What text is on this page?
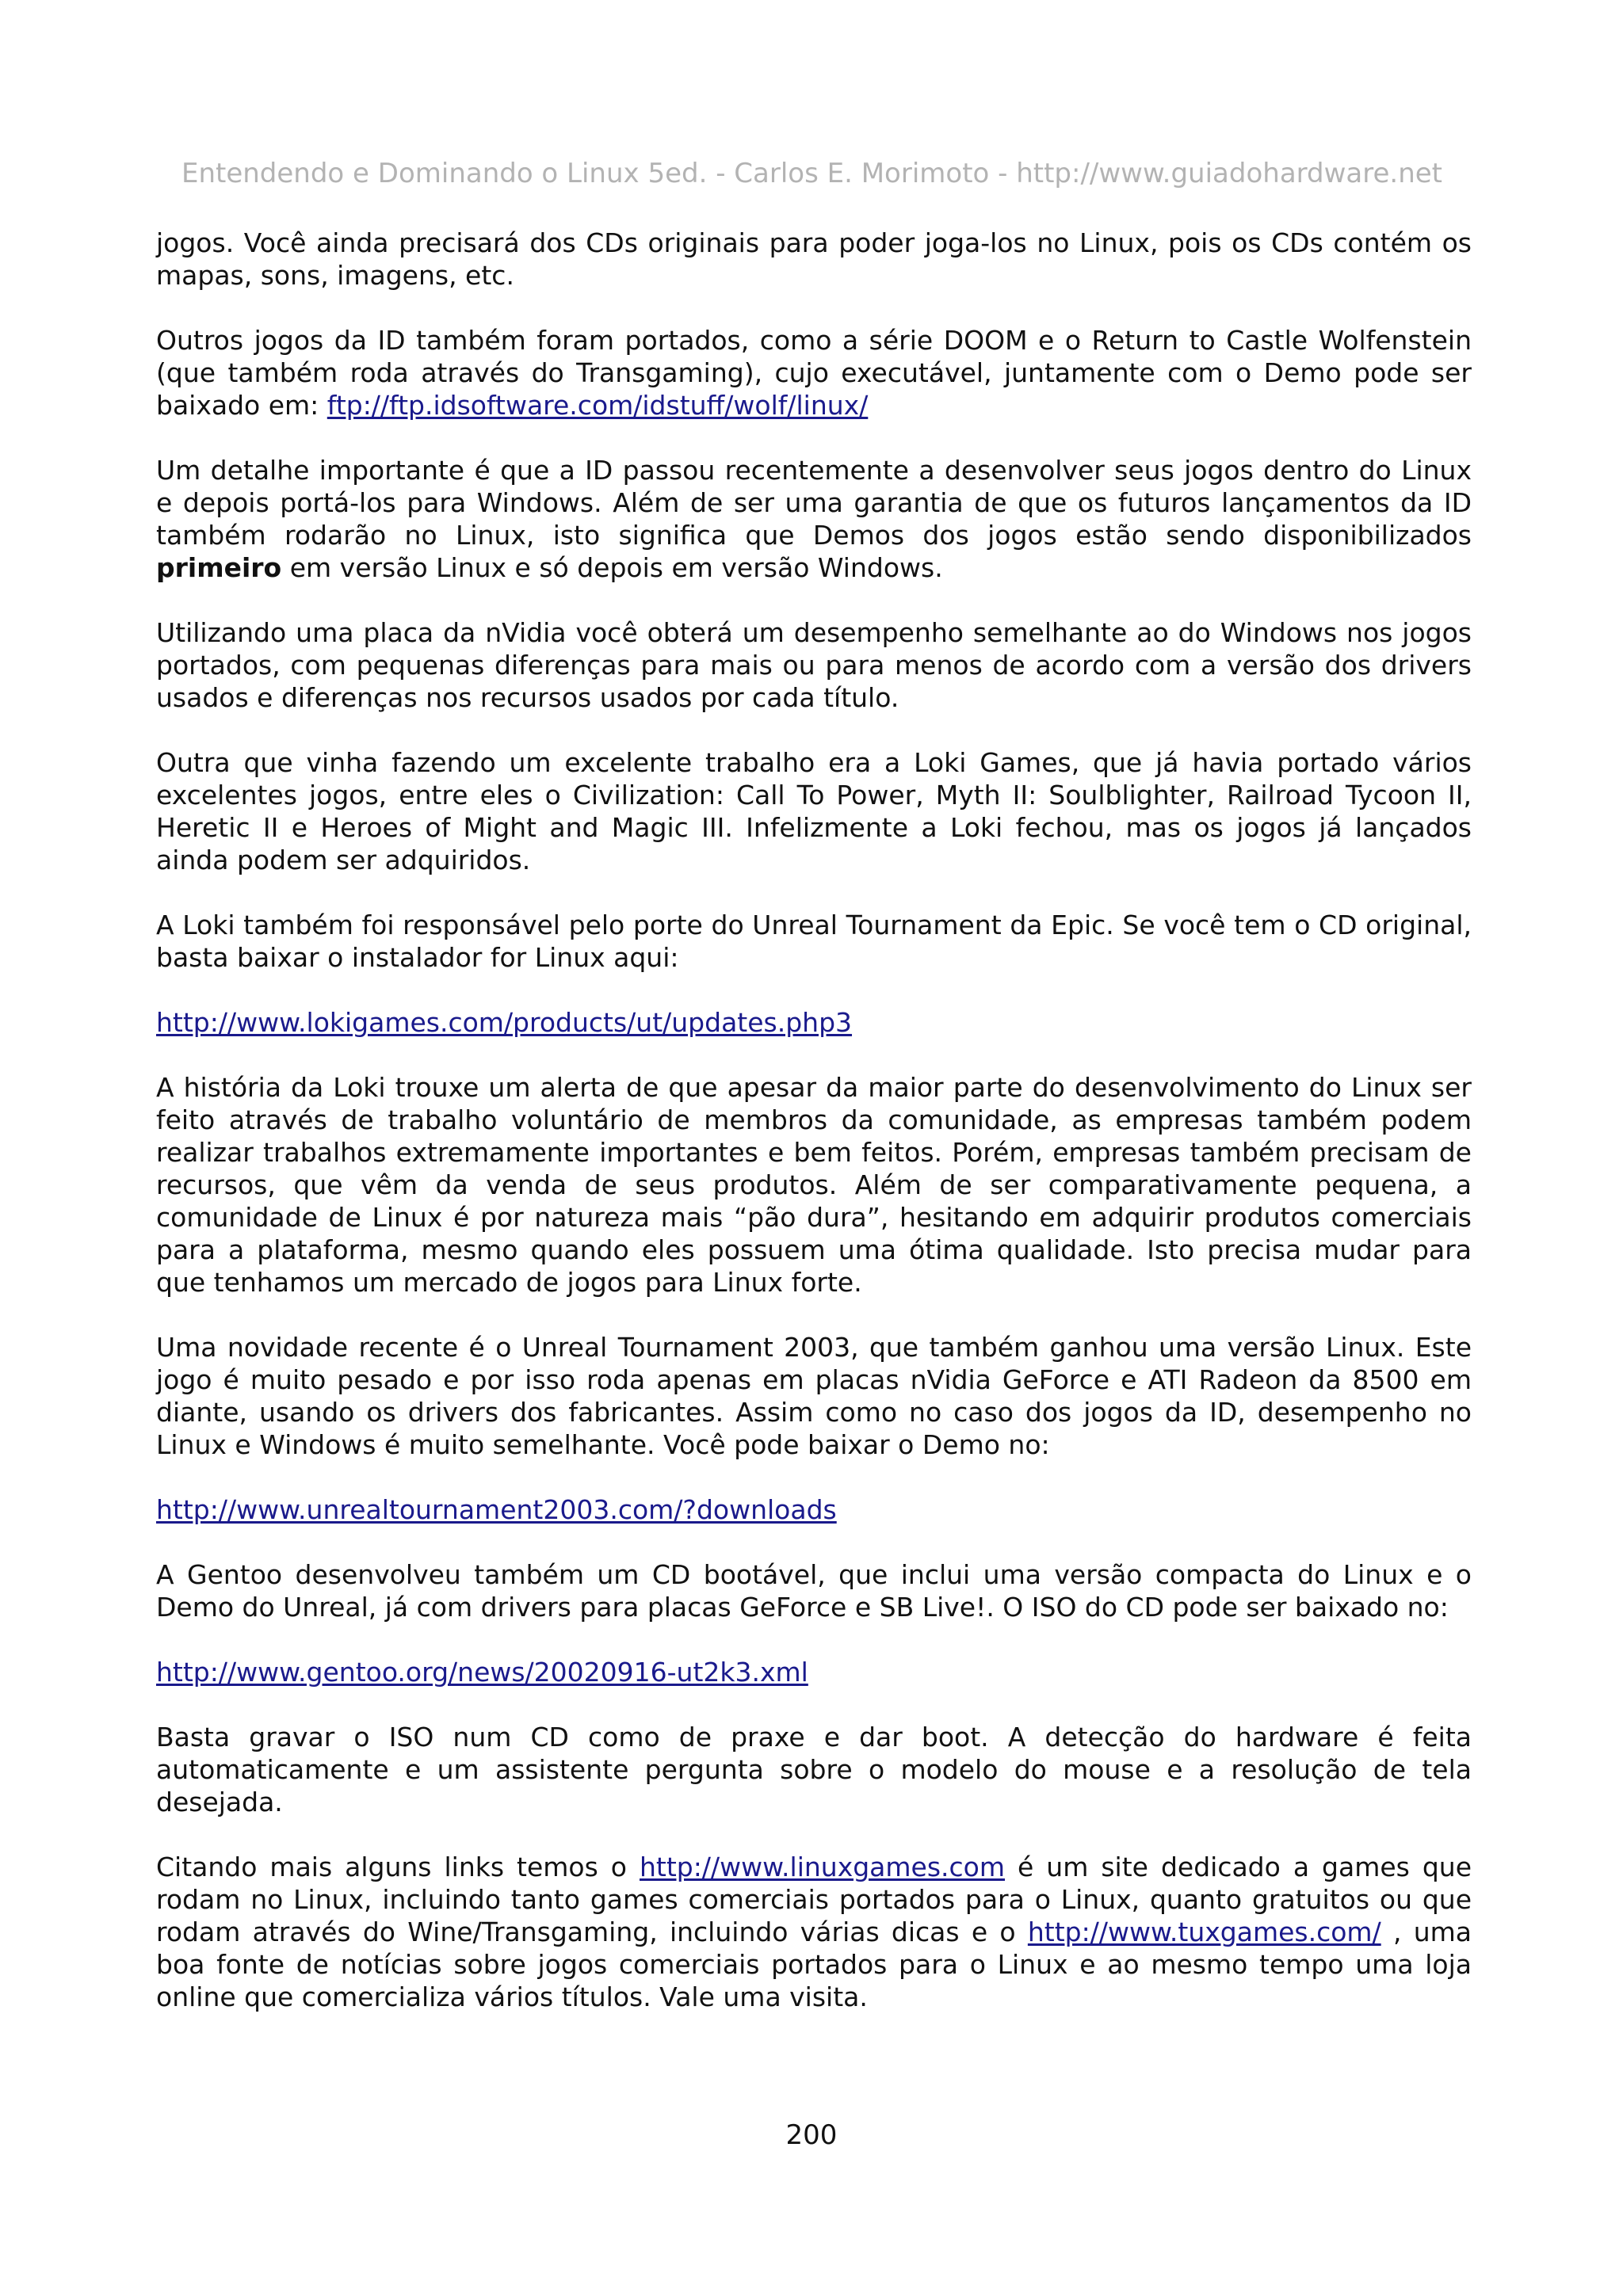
Entendendo e Dominando o Linux 5ed. - Carlos E. Morimoto - http://www.guiadohardware.net

jogos. Você ainda precisará dos CDs originais para poder joga-los no Linux, pois os CDs contém os mapas, sons, imagens, etc.

Outros jogos da ID também foram portados, como a série DOOM e o Return to Castle Wolfenstein (que também roda através do Transgaming), cujo executável, juntamente com o Demo pode ser baixado em: ftp://ftp.idsoftware.com/idstuff/wolf/linux/

Um detalhe importante é que a ID passou recentemente a desenvolver seus jogos dentro do Linux e depois portá-los para Windows. Além de ser uma garantia de que os futuros lançamentos da ID também rodarão no Linux, isto significa que Demos dos jogos estão sendo disponibilizados primeiro em versão Linux e só depois em versão Windows.

Utilizando uma placa da nVidia você obterá um desempenho semelhante ao do Windows nos jogos portados, com pequenas diferenças para mais ou para menos de acordo com a versão dos drivers usados e diferenças nos recursos usados por cada título.

Outra que vinha fazendo um excelente trabalho era a Loki Games, que já havia portado vários excelentes jogos, entre eles o Civilization: Call To Power, Myth II: Soulblighter, Railroad Tycoon II, Heretic II e Heroes of Might and Magic III. Infelizmente a Loki fechou, mas os jogos já lançados ainda podem ser adquiridos.

A Loki também foi responsável pelo porte do Unreal Tournament da Epic. Se você tem o CD original, basta baixar o instalador for Linux aqui:

http://www.lokigames.com/products/ut/updates.php3

A história da Loki trouxe um alerta de que apesar da maior parte do desenvolvimento do Linux ser feito através de trabalho voluntário de membros da comunidade, as empresas também podem realizar trabalhos extremamente importantes e bem feitos. Porém, empresas também precisam de recursos, que vêm da venda de seus produtos. Além de ser comparativamente pequena, a comunidade de Linux é por natureza mais “pão dura”, hesitando em adquirir produtos comerciais para a plataforma, mesmo quando eles possuem uma ótima qualidade. Isto precisa mudar para que tenhamos um mercado de jogos para Linux forte.

Uma novidade recente é o Unreal Tournament 2003, que também ganhou uma versão Linux. Este jogo é muito pesado e por isso roda apenas em placas nVidia GeForce e ATI Radeon da 8500 em diante, usando os drivers dos fabricantes. Assim como no caso dos jogos da ID, desempenho no Linux e Windows é muito semelhante. Você pode baixar o Demo no:

http://www.unrealtournament2003.com/?downloads

A Gentoo desenvolveu também um CD bootável, que inclui uma versão compacta do Linux e o Demo do Unreal, já com drivers para placas GeForce e SB Live!. O ISO do CD pode ser baixado no:

http://www.gentoo.org/news/20020916-ut2k3.xml

Basta gravar o ISO num CD como de praxe e dar boot. A detecção do hardware é feita automaticamente e um assistente pergunta sobre o modelo do mouse e a resolução de tela desejada.

Citando mais alguns links temos o http://www.linuxgames.com é um site dedicado a games que rodam no Linux, incluindo tanto games comerciais portados para o Linux, quanto gratuitos ou que rodam através do Wine/Transgaming, incluindo várias dicas e o http://www.tuxgames.com/ , uma boa fonte de notícias sobre jogos comerciais portados para o Linux e ao mesmo tempo uma loja online que comercializa vários títulos. Vale uma visita.

200
